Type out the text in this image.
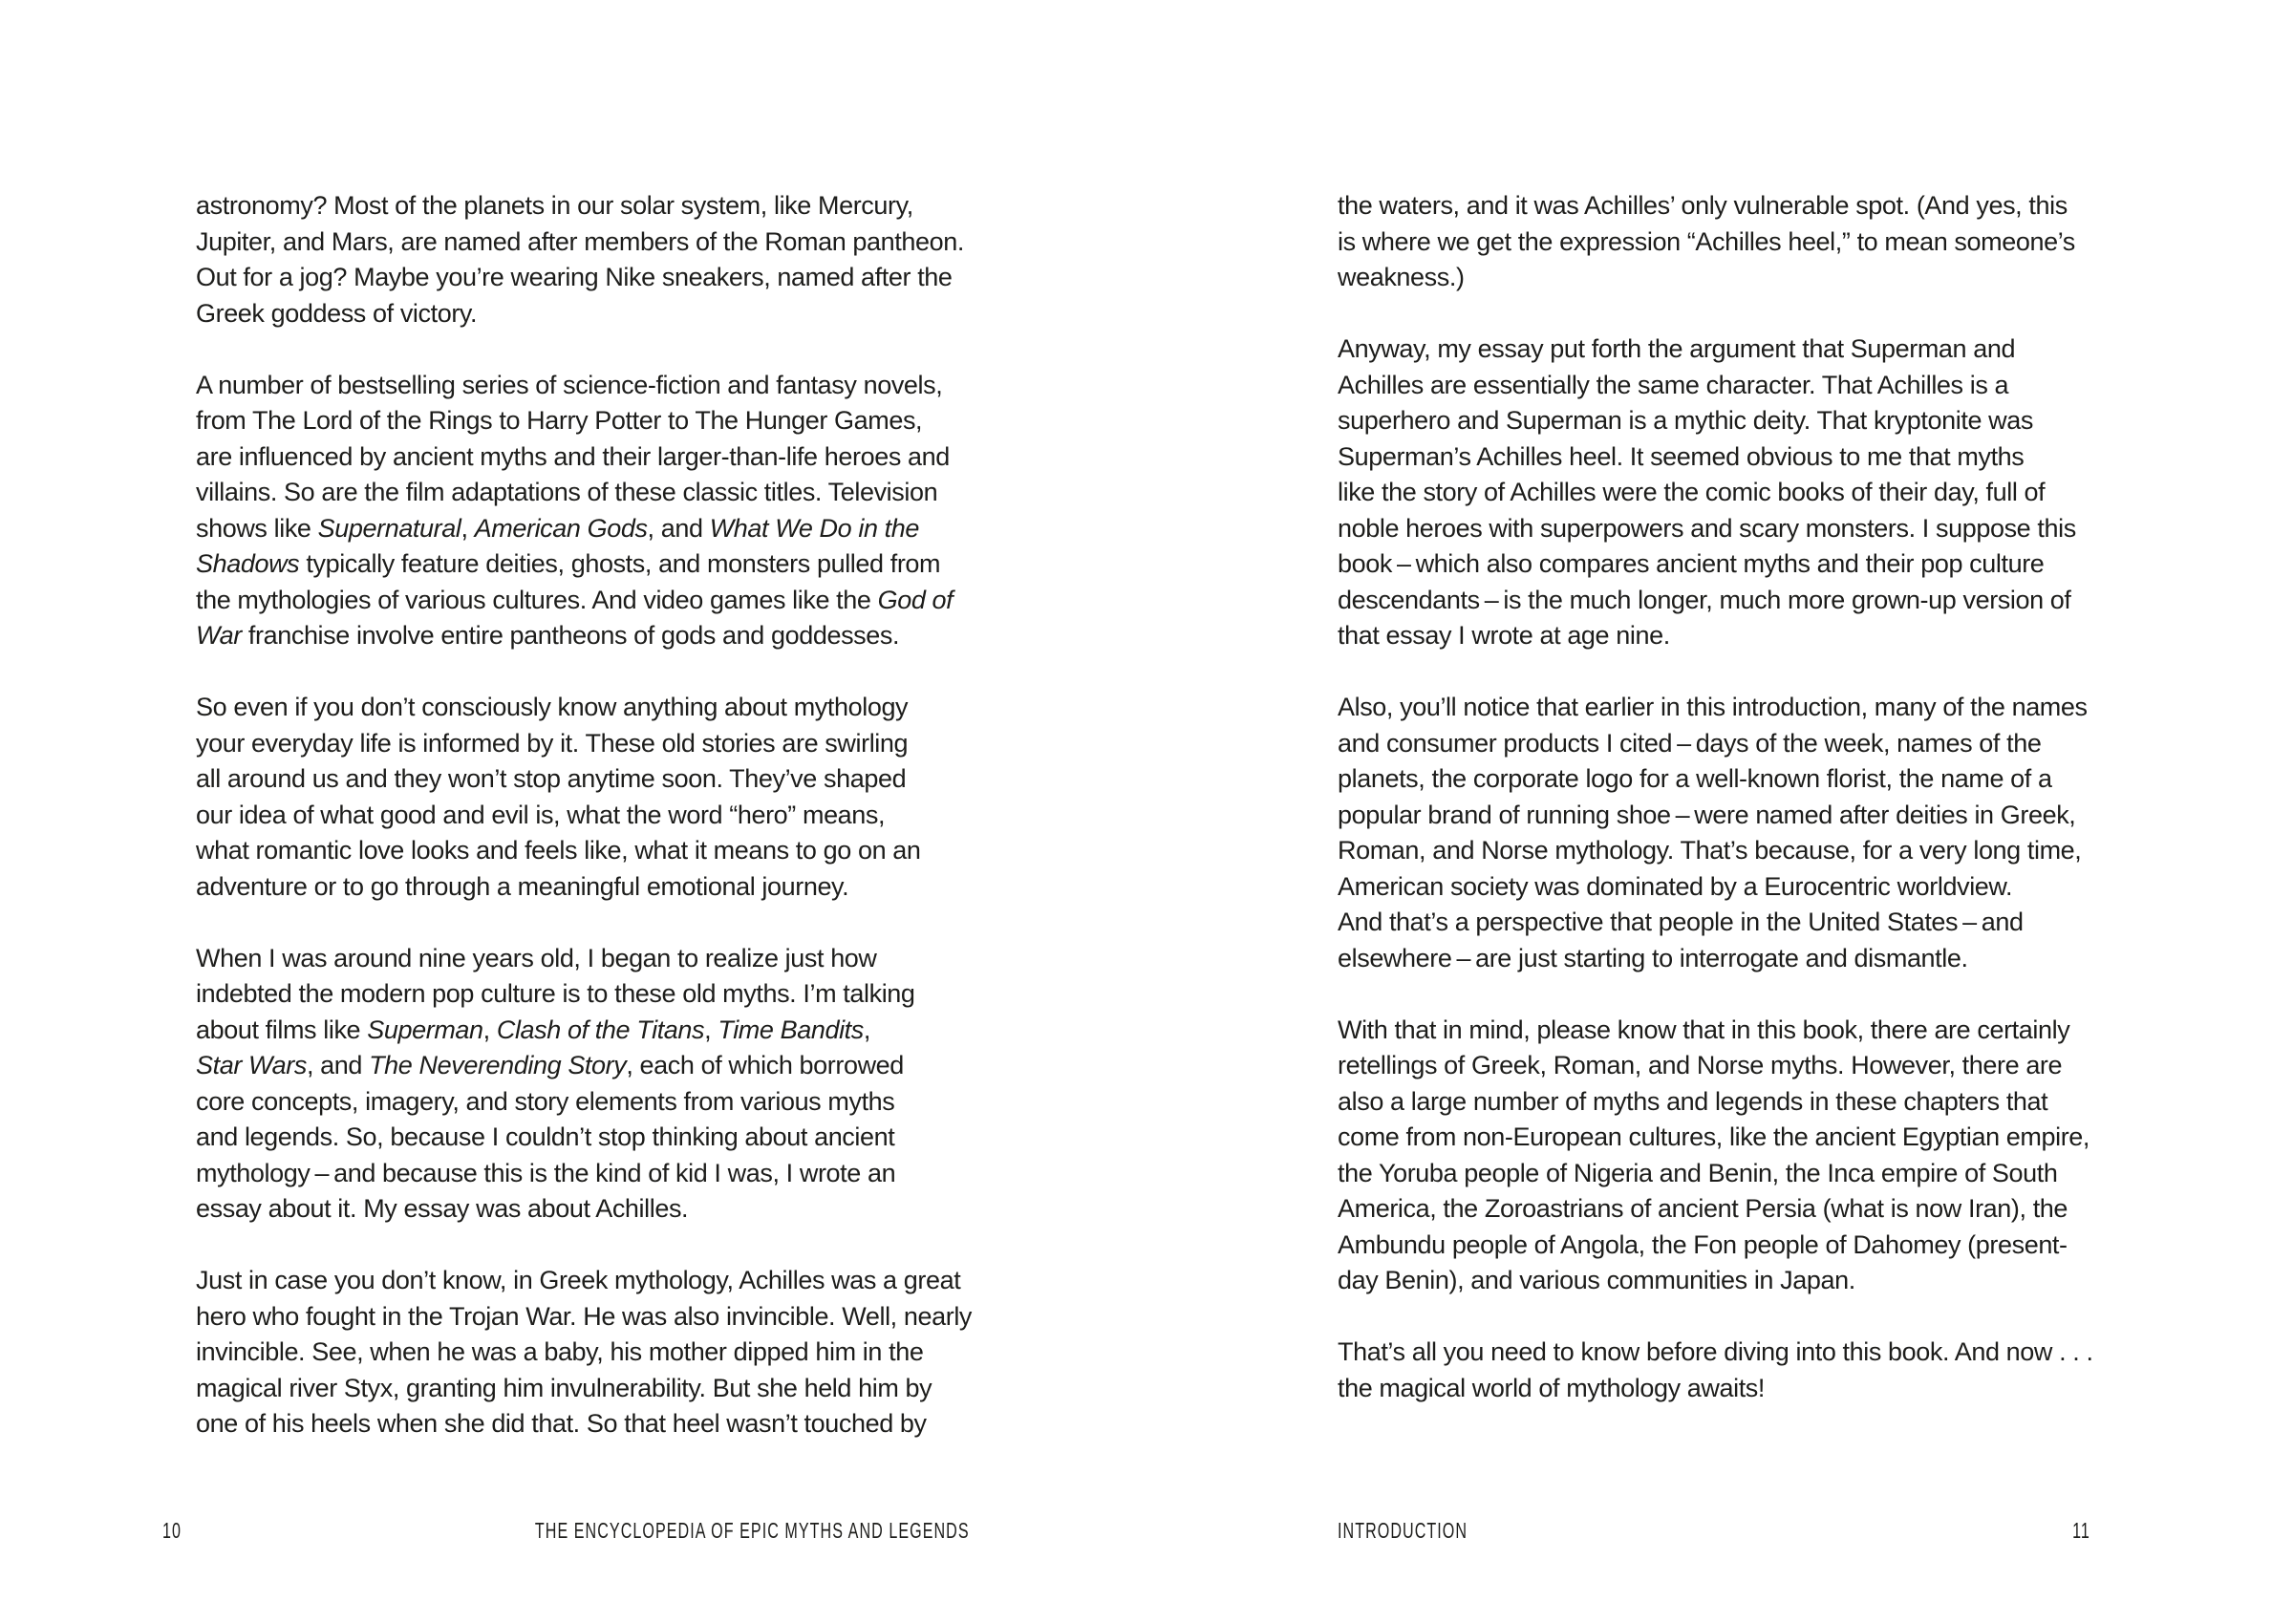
astronomy? Most of the planets in our solar system, like Mercury,
Jupiter, and Mars, are named after members of the Roman pantheon.
Out for a jog? Maybe you’re wearing Nike sneakers, named after the
Greek goddess of victory.

A number of bestselling series of science-fiction and fantasy novels,
from The Lord of the Rings to Harry Potter to The Hunger Games,
are influenced by ancient myths and their larger-than-life heroes and
villains. So are the film adaptations of these classic titles. Television
shows like Supernatural, American Gods, and What We Do in the
Shadows typically feature deities, ghosts, and monsters pulled from
the mythologies of various cultures. And video games like the God of
War franchise involve entire pantheons of gods and goddesses.

So even if you don’t consciously know anything about mythology
your everyday life is informed by it. These old stories are swirling
all around us and they won’t stop anytime soon. They’ve shaped
our idea of what good and evil is, what the word “hero” means,
what romantic love looks and feels like, what it means to go on an
adventure or to go through a meaningful emotional journey.

When I was around nine years old, I began to realize just how
indebted the modern pop culture is to these old myths. I’m talking
about films like Superman, Clash of the Titans, Time Bandits,
Star Wars, and The Neverending Story, each of which borrowed
core concepts, imagery, and story elements from various myths
and legends. So, because I couldn’t stop thinking about ancient
mythology – and because this is the kind of kid I was, I wrote an
essay about it. My essay was about Achilles.

Just in case you don’t know, in Greek mythology, Achilles was a great
hero who fought in the Trojan War. He was also invincible. Well, nearly
invincible. See, when he was a baby, his mother dipped him in the
magical river Styx, granting him invulnerability. But she held him by
one of his heels when she did that. So that heel wasn’t touched by

10	THE ENCYCLOPEDIA OF EPIC MYTHS AND LEGENDS

the waters, and it was Achilles’ only vulnerable spot. (And yes, this
is where we get the expression “Achilles heel,” to mean someone’s
weakness.)

Anyway, my essay put forth the argument that Superman and
Achilles are essentially the same character. That Achilles is a
superhero and Superman is a mythic deity. That kryptonite was
Superman’s Achilles heel. It seemed obvious to me that myths
like the story of Achilles were the comic books of their day, full of
noble heroes with superpowers and scary monsters. I suppose this
book – which also compares ancient myths and their pop culture
descendants – is the much longer, much more grown-up version of
that essay I wrote at age nine.

Also, you’ll notice that earlier in this introduction, many of the names
and consumer products I cited – days of the week, names of the
planets, the corporate logo for a well-known florist, the name of a
popular brand of running shoe – were named after deities in Greek,
Roman, and Norse mythology. That’s because, for a very long time,
American society was dominated by a Eurocentric worldview.
And that’s a perspective that people in the United States – and
elsewhere – are just starting to interrogate and dismantle.

With that in mind, please know that in this book, there are certainly
retellings of Greek, Roman, and Norse myths. However, there are
also a large number of myths and legends in these chapters that
come from non-European cultures, like the ancient Egyptian empire,
the Yoruba people of Nigeria and Benin, the Inca empire of South
America, the Zoroastrians of ancient Persia (what is now Iran), the
Ambundu people of Angola, the Fon people of Dahomey (present-
day Benin), and various communities in Japan.

That’s all you need to know before diving into this book. And now . . .
the magical world of mythology awaits!

INTRODUCTION	11
